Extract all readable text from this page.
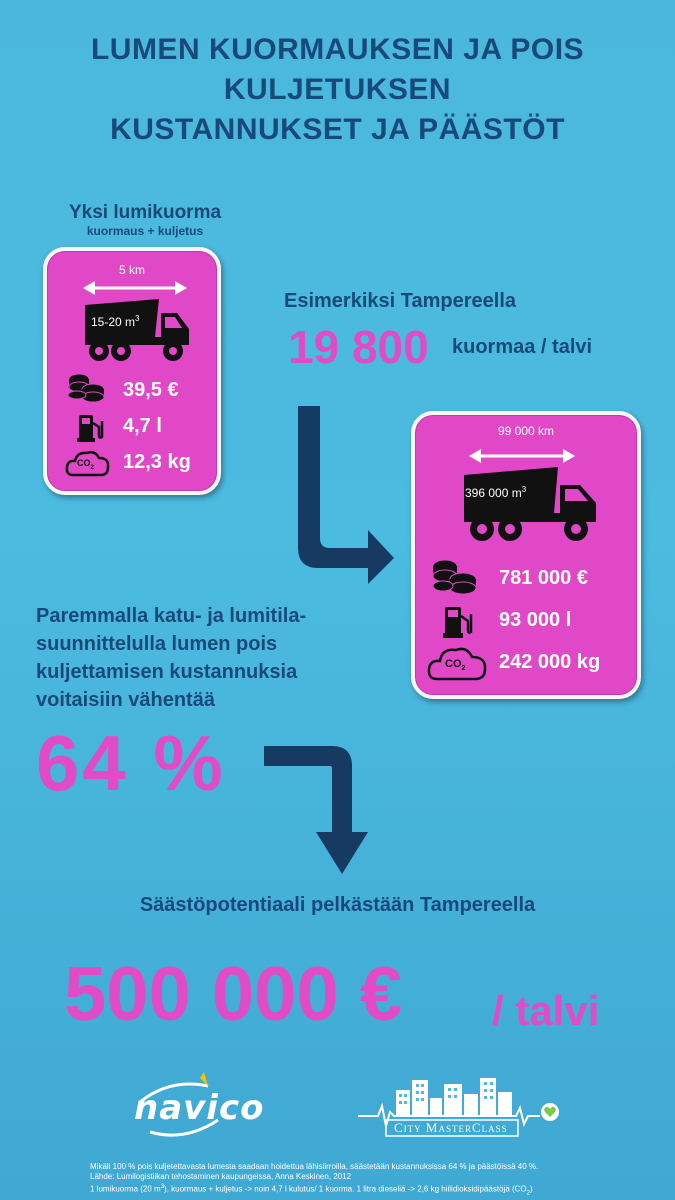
LUMEN KUORMAUKSEN JA POIS
KULJETUKSEN
KUSTANNUKSET JA PÄÄSTÖT
Yksi lumikuorma
kuormaus + kuljetus
5 km
15-20 $m^3$
39,5 €
4,7 l
$CO_2$ 12,3 kg
Esimerkiksi Tampereella
19 800 kuormaa / talvi
99 000 km
396 000 $m^3$
781 000 €
93 000 l
$CO_2$ 242 000 kg
Paremmalla katu- ja lumitila-
suunnittelulla lumen pois
kuljettamisen kustannuksia
voitaisiin vähentää
64 %
Säästöpotentiaali pelkästään Tampereella
500 000 € / talvi
navico	City MasterClass
Mikäli 100 % pois kuljetettavasta lumesta saadaan hoidettua lähisiirroilla, säästetään kustannuksissa 64 % ja päästöissä 40 %.
Lähde: Lumilogistiikan tehostaminen kaupungeissa, Anna Keskinen, 2012
1 lumikuorma (20 $m^3$), kuormaus + kuljetus -> noin 4,7 l kulutus/ 1 kuorma. 1 litra dieseliä -> 2,6 kg hiilidioksidipäästöjä $(CO_2)$
